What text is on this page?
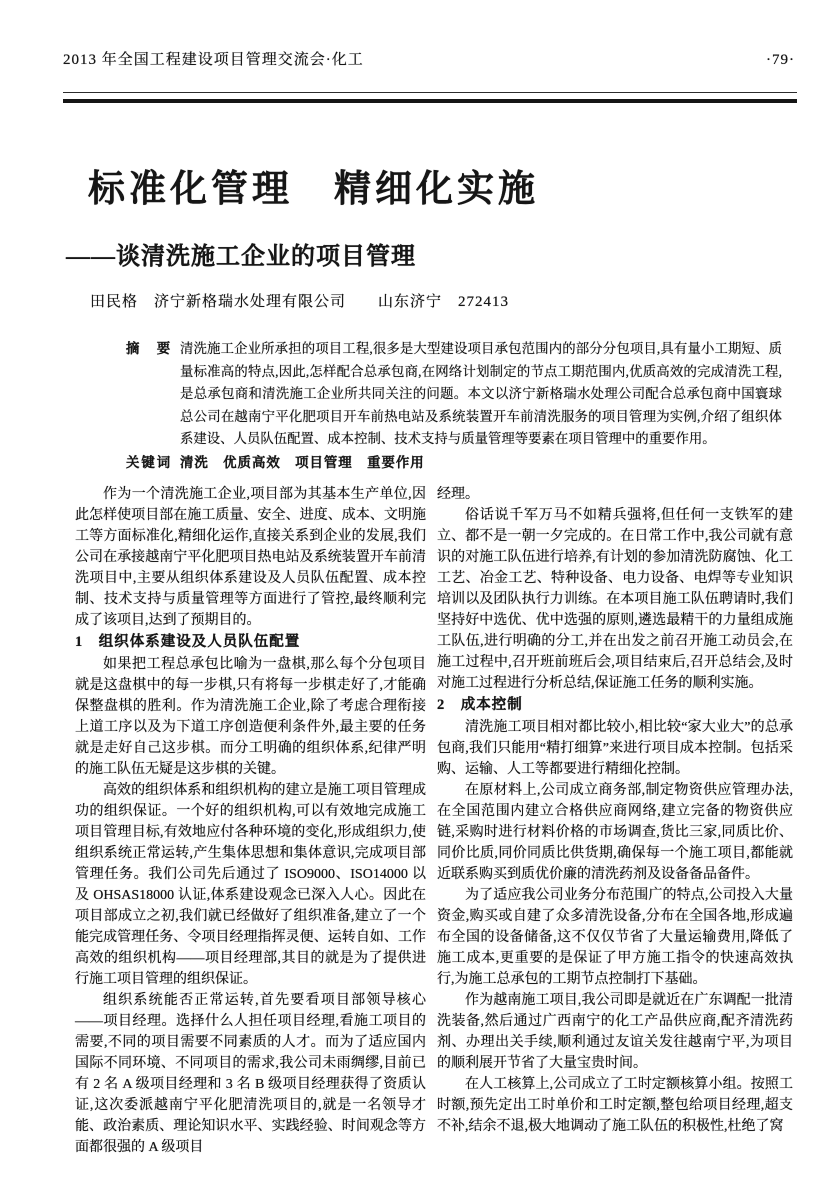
2013 年全国工程建设项目管理交流会·化工	·79·
标准化管理　精细化实施
——谈清洗施工企业的项目管理
田民格　济宁新格瑞水处理有限公司　　山东济宁　272413
摘　要 清洗施工企业所承担的项目工程,很多是大型建设项目承包范围内的部分分包项目,具有量小工期短、质量标准高的特点,因此,怎样配合总承包商,在网络计划制定的节点工期范围内,优质高效的完成清洗工程,是总承包商和清洗施工企业所共同关注的问题。本文以济宁新格瑞水处理公司配合总承包商中国寰球总公司在越南宁平化肥项目开车前热电站及系统装置开车前清洗服务的项目管理为实例,介绍了组织体系建设、人员队伍配置、成本控制、技术支持与质量管理等要素在项目管理中的重要作用。
关键词 清洗　优质高效　项目管理　重要作用

作为一个清洗施工企业,项目部为其基本生产单位,因此怎样使项目部在施工质量、安全、进度、成本、文明施工等方面标准化,精细化运作,直接关系到企业的发展,我们公司在承接越南宁平化肥项目热电站及系统装置开车前清洗项目中,主要从组织体系建设及人员队伍配置、成本控制、技术支持与质量管理等方面进行了管控,最终顺利完成了该项目,达到了预期目的。

1　组织体系建设及人员队伍配置

如果把工程总承包比喻为一盘棋,那么每个分包项目就是这盘棋中的每一步棋,只有将每一步棋走好了,才能确保整盘棋的胜利。作为清洗施工企业,除了考虑合理衔接上道工序以及为下道工序创造便利条件外,最主要的任务就是走好自己这步棋。而分工明确的组织体系,纪律严明的施工队伍无疑是这步棋的关键。

高效的组织体系和组织机构的建立是施工项目管理成功的组织保证。一个好的组织机构,可以有效地完成施工项目管理目标,有效地应付各种环境的变化,形成组织力,使组织系统正常运转,产生集体思想和集体意识,完成项目部管理任务。我们公司先后通过了 ISO9000、ISO14000 以及 OHSAS18000 认证,体系建设观念已深入人心。因此在项目部成立之初,我们就已经做好了组织准备,建立了一个能完成管理任务、令项目经理指挥灵便、运转自如、工作高效的组织机构——项目经理部,其目的就是为了提供进行施工项目管理的组织保证。

组织系统能否正常运转,首先要看项目部领导核心——项目经理。选择什么人担任项目经理,看施工项目的需要,不同的项目需要不同素质的人才。而为了适应国内国际不同环境、不同项目的需求,我公司未雨绸缪,目前已有 2 名 A 级项目经理和 3 名 B 级项目经理获得了资质认证,这次委派越南宁平化肥清洗项目的,就是一名领导才能、政治素质、理论知识水平、实践经验、时间观念等方面都很强的 A 级项目

经理。

俗话说千军万马不如精兵强将,但任何一支铁军的建立、都不是一朝一夕完成的。在日常工作中,我公司就有意识的对施工队伍进行培养,有计划的参加清洗防腐蚀、化工工艺、冶金工艺、特种设备、电力设备、电焊等专业知识培训以及团队执行力训练。在本项目施工队伍聘请时,我们坚持好中选优、优中选强的原则,遴选最精干的力量组成施工队伍,进行明确的分工,并在出发之前召开施工动员会,在施工过程中,召开班前班后会,项目结束后,召开总结会,及时对施工过程进行分析总结,保证施工任务的顺利实施。

2　成本控制

清洗施工项目相对都比较小,相比较“家大业大”的总承包商,我们只能用“精打细算”来进行项目成本控制。包括采购、运输、人工等都要进行精细化控制。

在原材料上,公司成立商务部,制定物资供应管理办法,在全国范围内建立合格供应商网络,建立完备的物资供应链,采购时进行材料价格的市场调查,货比三家,同质比价、同价比质,同价同质比供货期,确保每一个施工项目,都能就近联系购买到质优价廉的清洗药剂及设备备品备件。

为了适应我公司业务分布范围广的特点,公司投入大量资金,购买或自建了众多清洗设备,分布在全国各地,形成遍布全国的设备储备,这不仅仅节省了大量运输费用,降低了施工成本,更重要的是保证了甲方施工指令的快速高效执行,为施工总承包的工期节点控制打下基础。

作为越南施工项目,我公司即是就近在广东调配一批清洗装备,然后通过广西南宁的化工产品供应商,配齐清洗药剂、办理出关手续,顺利通过友谊关发往越南宁平,为项目的顺利展开节省了大量宝贵时间。

在人工核算上,公司成立了工时定额核算小组。按照工时额,预先定出工时单价和工时定额,整包给项目经理,超支不补,结余不退,极大地调动了施工队伍的积极性,杜绝了窝
